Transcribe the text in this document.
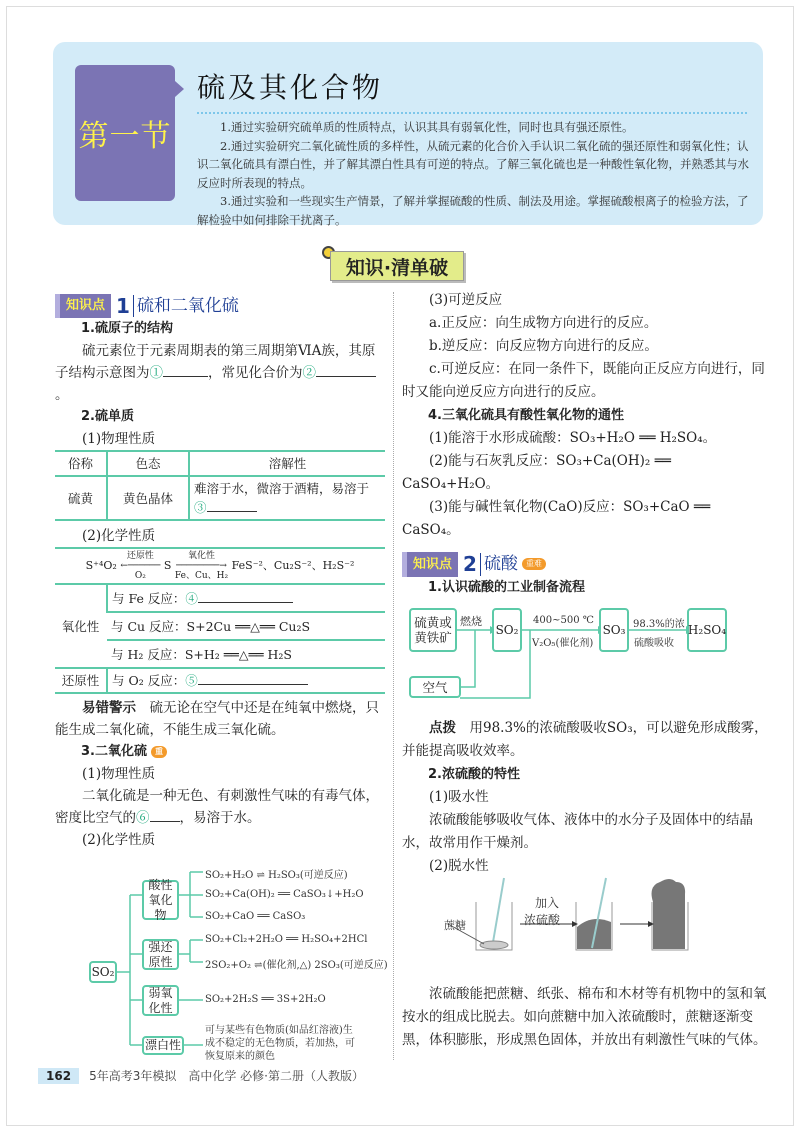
第一节
硫及其化合物

1.通过实验研究硫单质的性质特点，认识其具有弱氧化性，同时也具有强还原性。

2.通过实验研究二氧化硫性质的多样性，从硫元素的化合价入手认识二氧化硫的强还原性和弱氧化性；认识二氧化硫具有漂白性，并了解其漂白性具有可逆的特点。了解三氧化硫也是一种酸性氧化物，并熟悉其与水反应时所表现的特点。

3.通过实验和一些现实生产情景，了解并掌握硫酸的性质、制法及用途。掌握硫酸根离子的检验方法，了解检验中如何排除干扰离子。

知识·清单破
知识点 1 硫和二氧化硫
1.硫原子的结构

硫元素位于元素周期表的第三周期第ⅥA族，其原子结构示意图为①	，常见化合价为②。

2.硫单质

(1)物理性质

俗称	色态	溶解性
硫黄	黄色晶体	难溶于水，微溶于酒精，易溶于③

(2)化学性质

S⁺⁴O₂ 还原性
←──────
O₂ S 氧化性
────────→
Fe、Cu、H₂ FeS⁻²、Cu₂S⁻²、H₂S⁻²	
氧化性	与 Fe 反应：④
	与 Cu 反应：S+2Cu ══△══ Cu₂S
	与 H₂ 反应：S+H₂ ══△══ H₂S
还原性	与 O₂ 反应：⑤

易错警示　 硫无论在空气中还是在纯氧中燃烧，只能生成二氧化硫，不能生成三氧化硫。

3.二氧化硫 重

(1)物理性质

二氧化硫是一种无色、有刺激性气味的有毒气体，密度比空气的⑥ ，易溶于水。

(2)化学性质

SO₂
酸性氧化物
强还原性
弱氧化性
漂白性
SO₂+H₂O ⇌ H₂SO₃(可逆反应)
SO₂+Ca(OH)₂ ══ CaSO₃↓+H₂O
SO₂+CaO ══ CaSO₃
SO₂+Cl₂+2H₂O ══ H₂SO₄+2HCl
2SO₂+O₂ ⇌(催化剂,△) 2SO₃(可逆反应)
SO₂+2H₂S ══ 3S+2H₂O
可与某些有色物质(如品红溶液)生成不稳定的无色物质，若加热，可恢复原来的颜色

(3)可逆反应

a.正反应：向生成物方向进行的反应。

b.逆反应：向反应物方向进行的反应。

c.可逆反应：在同一条件下，既能向正反应方向进行，同时又能向逆反应方向进行的反应。

4.三氧化硫具有酸性氧化物的通性

(1)能溶于水形成硫酸：SO₃+H₂O ══ H₂SO₄。

(2)能与石灰乳反应：SO₃+Ca(OH)₂ ══ CaSO₄+H₂O。

(3)能与碱性氧化物(CaO)反应：SO₃+CaO ══ CaSO₄。

知识点 2 硫酸	重难
1.认识硫酸的工业制备流程

点拨　 用98.3%的浓硫酸吸收SO₃，可以避免形成酸雾，并能提高吸收效率。

2.浓硫酸的特性

(1)吸水性

浓硫酸能够吸收气体、液体中的水分子及固体中的结晶水，故常用作干燥剂。

(2)脱水性

浓硫酸能把蔗糖、纸张、棉布和木材等有机物中的氢和氧按水的组成比脱去。如向蔗糖中加入浓硫酸时，蔗糖逐渐变黑，体积膨胀，形成黑色固体，并放出有刺激性气味的气体。

硫黄或黄铁矿
燃烧
SO₂
400~500 ℃
V₂O₅(催化剂)
SO₃ 98.3%的浓
硫酸吸收
H₂SO₄
空气
蔗糖
加入
浓硫酸
162	5年高考3年模拟　高中化学 必修·第二册（人教版）
